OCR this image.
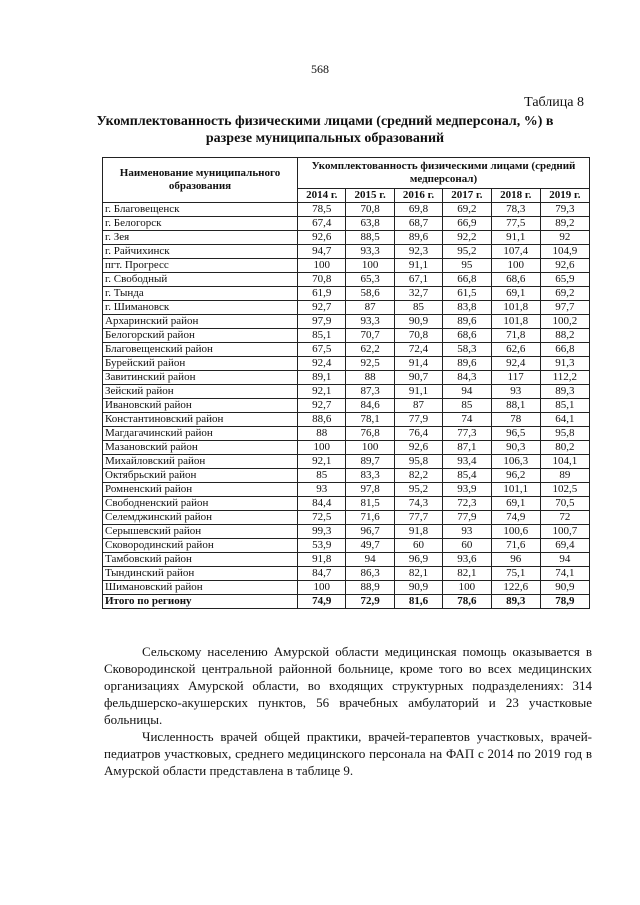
568
Таблица 8
Укомплектованность физическими лицами (средний медперсонал, %) в
разрезе муниципальных образований
Наименование муниципального образования	Укомплектованность физическими лицами (средний медперсонал)					
	2014 г.	2015 г.	2016 г.	2017 г.	2018 г.	2019 г.
г. Благовещенск	78,5	70,8	69,8	69,2	78,3	79,3
г. Белогорск	67,4	63,8	68,7	66,9	77,5	89,2
г. Зея	92,6	88,5	89,6	92,2	91,1	92
г. Райчихинск	94,7	93,3	92,3	95,2	107,4	104,9
пгт. Прогресс	100	100	91,1	95	100	92,6
г. Свободный	70,8	65,3	67,1	66,8	68,6	65,9
г. Тында	61,9	58,6	32,7	61,5	69,1	69,2
г. Шимановск	92,7	87	85	83,8	101,8	97,7
Архаринский район	97,9	93,3	90,9	89,6	101,8	100,2
Белогорский район	85,1	70,7	70,8	68,6	71,8	88,2
Благовещенский район	67,5	62,2	72,4	58,3	62,6	66,8
Бурейский район	92,4	92,5	91,4	89,6	92,4	91,3
Завитинский район	89,1	88	90,7	84,3	117	112,2
Зейский район	92,1	87,3	91,1	94	93	89,3
Ивановский район	92,7	84,6	87	85	88,1	85,1
Константиновский район	88,6	78,1	77,9	74	78	64,1
Магдагачинский район	88	76,8	76,4	77,3	96,5	95,8
Мазановский район	100	100	92,6	87,1	90,3	80,2
Михайловский район	92,1	89,7	95,8	93,4	106,3	104,1
Октябрьский район	85	83,3	82,2	85,4	96,2	89
Ромненский район	93	97,8	95,2	93,9	101,1	102,5
Свободненский район	84,4	81,5	74,3	72,3	69,1	70,5
Селемджинский район	72,5	71,6	77,7	77,9	74,9	72
Серышевский район	99,3	96,7	91,8	93	100,6	100,7
Сковородинский район	53,9	49,7	60	60	71,6	69,4
Тамбовский район	91,8	94	96,9	93,6	96	94
Тындинский район	84,7	86,3	82,1	82,1	75,1	74,1
Шимановский район	100	88,9	90,9	100	122,6	90,9
Итого по региону	74,9	72,9	81,6	78,6	89,3	78,9
Сельскому населению Амурской области медицинская помощь оказывается в Сковородинской центральной районной больнице, кроме того во всех медицинских организациях Амурской области, во входящих структурных подразделениях: 314 фельдшерско-акушерских пунктов, 56 врачебных амбулаторий и 23 участковые больницы.
Численность врачей общей практики, врачей-терапевтов участковых, врачей-педиатров участковых, среднего медицинского персонала на ФАП с 2014 по 2019 год в Амурской области представлена в таблице 9.
